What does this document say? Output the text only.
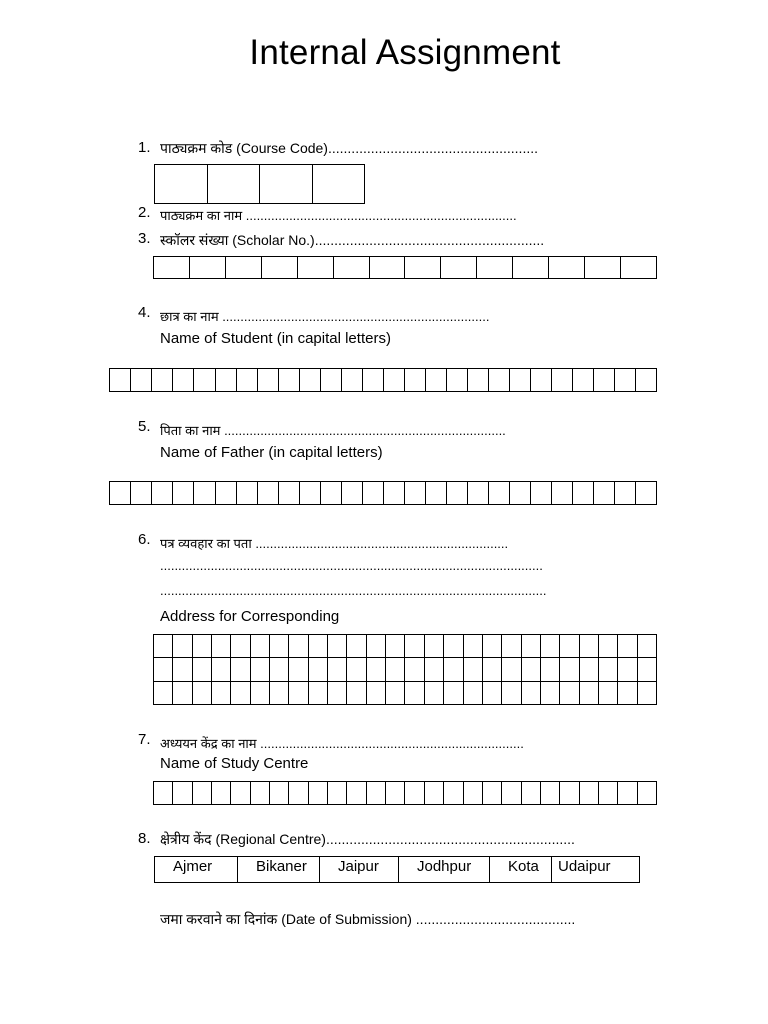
Internal Assignment
1. पाठ्यक्रम कोड (Course Code)......................................................

2. पाठ्यक्रम का नाम ...........................................................................
3. स्कॉलर संख्या (Scholar No.)...........................................................

4. छात्र का नाम ..........................................................................
Name of Student (in capital letters)

5. पिता का नाम ..............................................................................
Name of Father (in capital letters)

6. पत्र व्यवहार का पता ......................................................................
..........................................................................................................
...........................................................................................................
Address for Corresponding

7. अध्ययन केंद्र का नाम .........................................................................
Name of Study Centre

8. क्षेत्रीय केंद (Regional Centre)................................................................
Ajmer	Bikaner	Jaipur	Jodhpur	Kota	Udaipur
जमा करवाने का दिनांक (Date of Submission) .........................................
